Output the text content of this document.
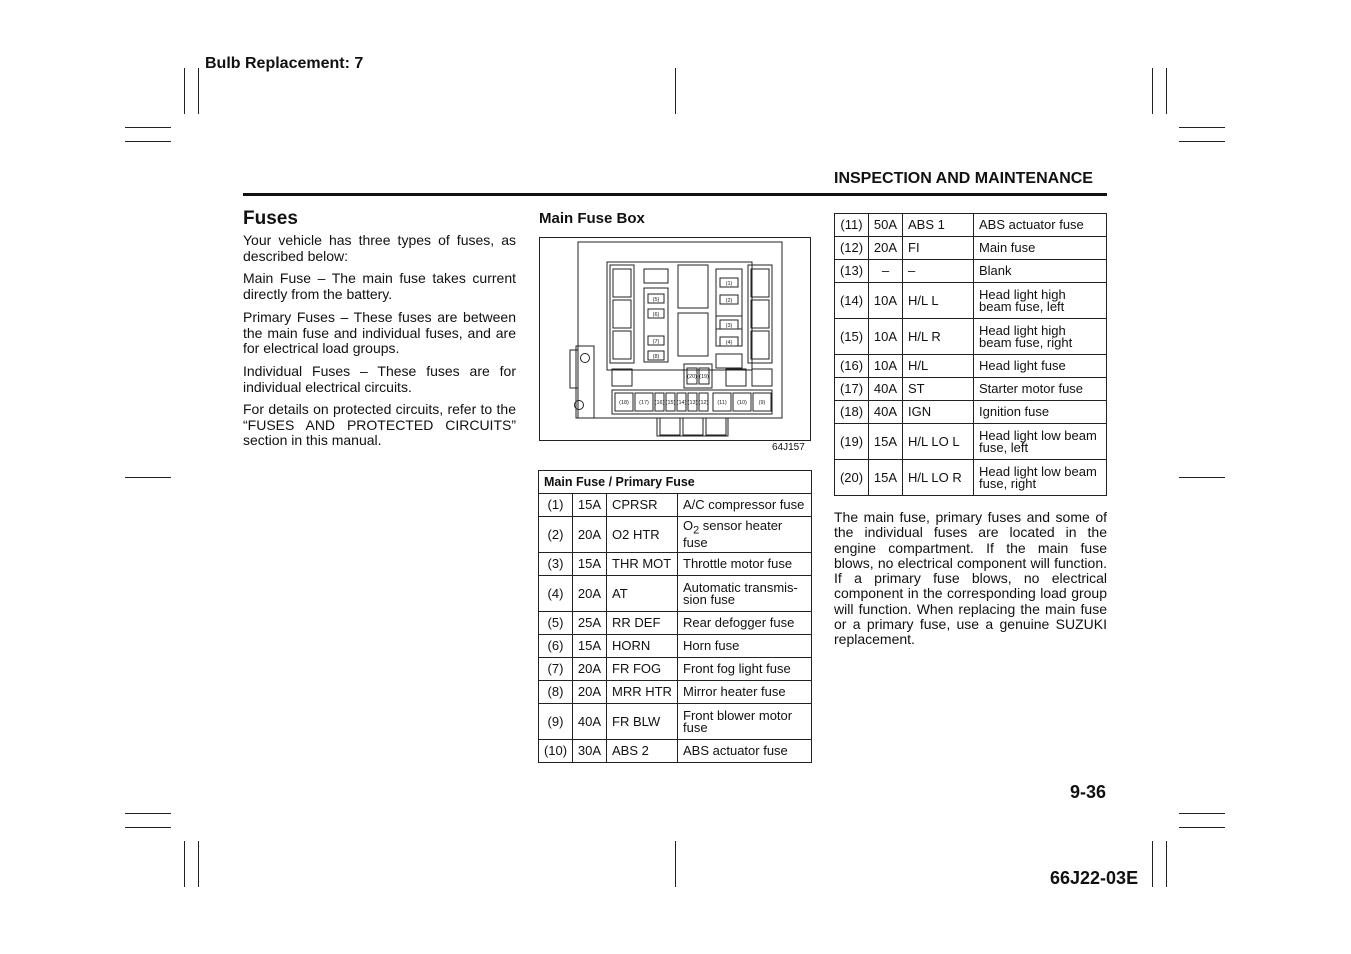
Bulb Replacement: 7
INSPECTION AND MAINTENANCE
Fuses

Your vehicle has three types of fuses, as described below:

Main Fuse – The main fuse takes current directly from the battery.

Primary Fuses – These fuses are between the main fuse and individual fuses, and are for electrical load groups.

Individual Fuses – These fuses are for individual electrical circuits.

For details on protected circuits, refer to the “FUSES AND PROTECTED CIRCUITS” section in this manual.

Main Fuse Box
(5)
(6)
(7)
(8)
(1)
(2)
(3)
(4)
(20) (19)
(18) (17) (16) (15) (14) (13) (12) (11) (10) (9)
64J157
Main Fuse / Primary Fuse			
(1)	15A	CPRSR	A/C compressor fuse
(2)	20A	O2 HTR	$O_2$ sensor heater fuse
(3)	15A	THR MOT	Throttle motor fuse
(4)	20A	AT	Automatic transmis-sion fuse
(5)	25A	RR DEF	Rear defogger fuse
(6)	15A	HORN	Horn fuse
(7)	20A	FR FOG	Front fog light fuse
(8)	20A	MRR HTR	Mirror heater fuse
(9)	40A	FR BLW	Front blower motor fuse
(10)	30A	ABS 2	ABS actuator fuse
(11)	50A	ABS 1	ABS actuator fuse
(12)	20A	FI	Main fuse
(13)	–	–	Blank
(14)	10A	H/L L	Head light high beam fuse, left
(15)	10A	H/L R	Head light high beam fuse, right
(16)	10A	H/L	Head light fuse
(17)	40A	ST	Starter motor fuse
(18)	40A	IGN	Ignition fuse
(19)	15A	H/L LO L	Head light low beam fuse, left
(20)	15A	H/L LO R	Head light low beam fuse, right
The main fuse, primary fuses and some of the individual fuses are located in the engine compartment. If the main fuse blows, no electrical component will function. If a primary fuse blows, no electrical component in the corresponding load group will function. When replacing the main fuse or a primary fuse, use a genuine SUZUKI replacement.
9-36
66J22-03E
